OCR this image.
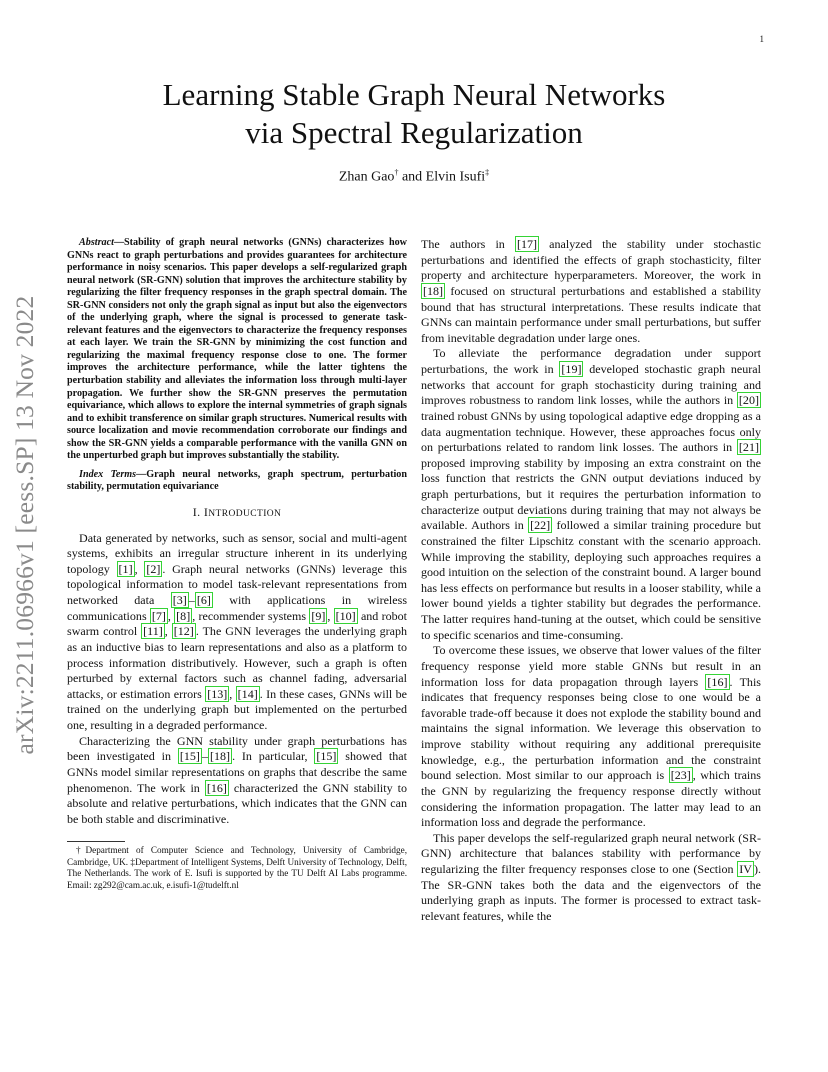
1
arXiv:2211.06966v1 [eess.SP] 13 Nov 2022
Learning Stable Graph Neural Networks
via Spectral Regularization
Zhan Gao† and Elvin Isufi‡

Abstract—Stability of graph neural networks (GNNs) characterizes how GNNs react to graph perturbations and provides guarantees for architecture performance in noisy scenarios. This paper develops a self-regularized graph neural network (SR-GNN) solution that improves the architecture stability by regularizing the filter frequency responses in the graph spectral domain. The SR-GNN considers not only the graph signal as input but also the eigenvectors of the underlying graph, where the signal is processed to generate task-relevant features and the eigenvectors to characterize the frequency responses at each layer. We train the SR-GNN by minimizing the cost function and regularizing the maximal frequency response close to one. The former improves the architecture performance, while the latter tightens the perturbation stability and alleviates the information loss through multi-layer propagation. We further show the SR-GNN preserves the permutation equivariance, which allows to explore the internal symmetries of graph signals and to exhibit transference on similar graph structures. Numerical results with source localization and movie recommendation corroborate our findings and show the SR-GNN yields a comparable performance with the vanilla GNN on the unperturbed graph but improves substantially the stability.

Index Terms—Graph neural networks, graph spectrum, perturbation stability, permutation equivariance

I. INTRODUCTION

Data generated by networks, such as sensor, social and multi-agent systems, exhibits an irregular structure inherent in its underlying topology [1] , [2] . Graph neural networks (GNNs) leverage this topological information to model task-relevant representations from networked data [3] – [6] with applications in wireless communications [7] , [8] , recommender systems [9] , [10] and robot swarm control [11] , [12] . The GNN leverages the underlying graph as an inductive bias to learn representations and also as a platform to process information distributively. However, such a graph is often perturbed by external factors such as channel fading, adversarial attacks, or estimation errors [13] , [14] . In these cases, GNNs will be trained on the underlying graph but implemented on the perturbed one, resulting in a degraded performance.

Characterizing the GNN stability under graph perturbations has been investigated in [15] – [18] . In particular, [15] showed that GNNs model similar representations on graphs that describe the same phenomenon. The work in [16] characterized the GNN stability to absolute and relative perturbations, which indicates that the GNN can be both stable and discriminative.

†Department of Computer Science and Technology, University of Cambridge, Cambridge, UK. ‡Department of Intelligent Systems, Delft University of Technology, Delft, The Netherlands. The work of E. Isufi is supported by the TU Delft AI Labs programme. Email: zg292@cam.ac.uk, e.isufi-1@tudelft.nl

The authors in [17] analyzed the stability under stochastic perturbations and identified the effects of graph stochasticity, filter property and architecture hyperparameters. Moreover, the work in [18] focused on structural perturbations and established a stability bound that has structural interpretations. These results indicate that GNNs can maintain performance under small perturbations, but suffer from inevitable degradation under large ones.

To alleviate the performance degradation under support perturbations, the work in [19] developed stochastic graph neural networks that account for graph stochasticity during training and improves robustness to random link losses, while the authors in [20] trained robust GNNs by using topological adaptive edge dropping as a data augmentation technique. However, these approaches focus only on perturbations related to random link losses. The authors in [21] proposed improving stability by imposing an extra constraint on the loss function that restricts the GNN output deviations induced by graph perturbations, but it requires the perturbation information to characterize output deviations during training that may not always be available. Authors in [22] followed a similar training procedure but constrained the filter Lipschitz constant with the scenario approach. While improving the stability, deploying such approaches requires a good intuition on the selection of the constraint bound. A larger bound has less effects on performance but results in a looser stability, while a lower bound yields a tighter stability but degrades the performance. The latter requires hand-tuning at the outset, which could be sensitive to specific scenarios and time-consuming.

To overcome these issues, we observe that lower values of the filter frequency response yield more stable GNNs but result in an information loss for data propagation through layers [16] . This indicates that frequency responses being close to one would be a favorable trade-off because it does not explode the stability bound and maintains the signal information. We leverage this observation to improve stability without requiring any additional prerequisite knowledge, e.g., the perturbation information and the constraint bound selection. Most similar to our approach is [23] , which trains the GNN by regularizing the frequency response directly without considering the information propagation. The latter may lead to an information loss and degrade the performance.

This paper develops the self-regularized graph neural network (SR-GNN) architecture that balances stability with performance by regularizing the filter frequency responses close to one (Section IV ). The SR-GNN takes both the data and the eigenvectors of the underlying graph as inputs. The former is processed to extract task-relevant features, while the
